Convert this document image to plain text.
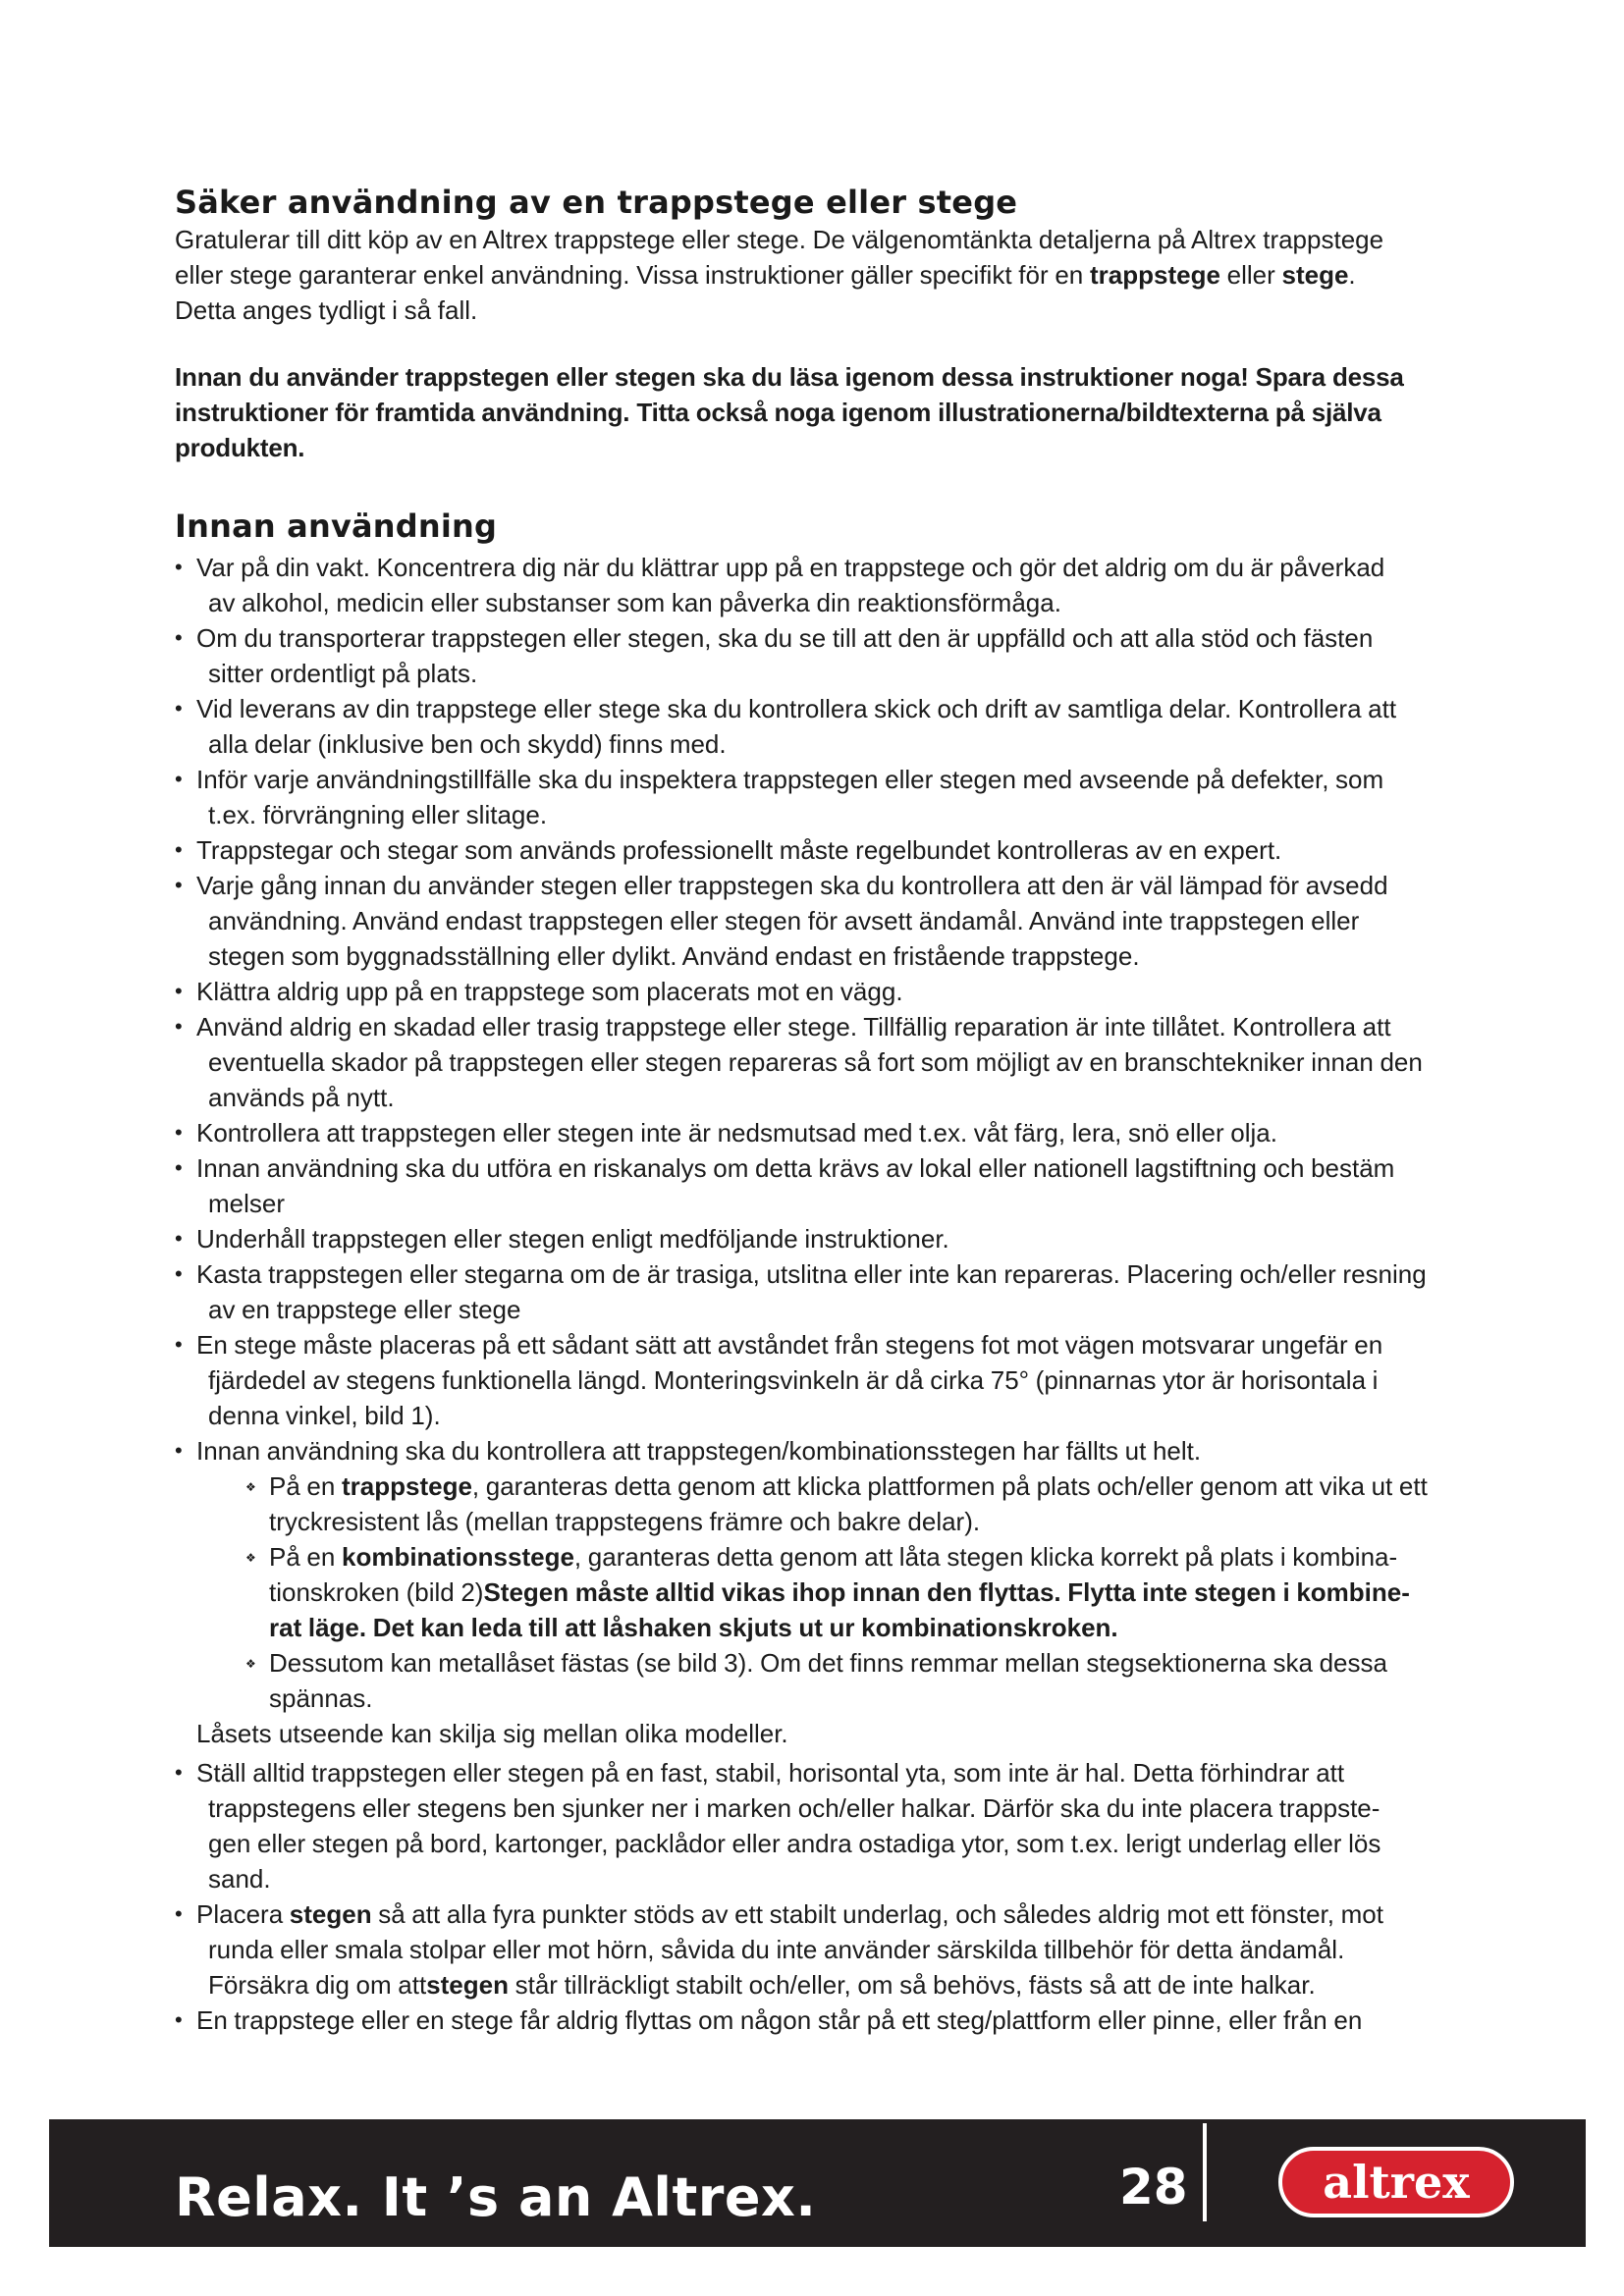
Säker användning av en trappstege eller stege

Gratulerar till ditt köp av en Altrex trappstege eller stege. De välgenomtänkta detaljerna på Altrex trappstege

eller stege garanterar enkel användning. Vissa instruktioner gäller specifikt för en trappstege eller stege.

Detta anges tydligt i så fall.

Innan du använder trappstegen eller stegen ska du läsa igenom dessa instruktioner noga! Spara dessa instruktioner för framtida användning. Titta också noga igenom illustrationerna/bildtexterna på själva produkten.

Innan användning
• Var på din vakt. Koncentrera dig när du klättrar upp på en trappstege och gör det aldrig om du är påverkad
av alkohol, medicin eller substanser som kan påverka din reaktionsförmåga.
• Om du transporterar trappstegen eller stegen, ska du se till att den är uppfälld och att alla stöd och fästen
sitter ordentligt på plats.
• Vid leverans av din trappstege eller stege ska du kontrollera skick och drift av samtliga delar. Kontrollera att
alla delar (inklusive ben och skydd) finns med.
• Inför varje användningstillfälle ska du inspektera trappstegen eller stegen med avseende på defekter, som
t.ex. förvrängning eller slitage.
• Trappstegar och stegar som används professionellt måste regelbundet kontrolleras av en expert.
• Varje gång innan du använder stegen eller trappstegen ska du kontrollera att den är väl lämpad för avsedd
användning. Använd endast trappstegen eller stegen för avsett ändamål. Använd inte trappstegen eller
stegen som byggnadsställning eller dylikt. Använd endast en fristående trappstege.
• Klättra aldrig upp på en trappstege som placerats mot en vägg.
• Använd aldrig en skadad eller trasig trappstege eller stege. Tillfällig reparation är inte tillåtet. Kontrollera att
eventuella skador på trappstegen eller stegen repareras så fort som möjligt av en branschtekniker innan den
används på nytt.
• Kontrollera att trappstegen eller stegen inte är nedsmutsad med t.ex. våt färg, lera, snö eller olja.
• Innan användning ska du utföra en riskanalys om detta krävs av lokal eller nationell lagstiftning och bestäm
melser
• Underhåll trappstegen eller stegen enligt medföljande instruktioner.
• Kasta trappstegen eller stegarna om de är trasiga, utslitna eller inte kan repareras. Placering och/eller resning
av en trappstege eller stege
• En stege måste placeras på ett sådant sätt att avståndet från stegens fot mot vägen motsvarar ungefär en
fjärdedel av stegens funktionella längd. Monteringsvinkeln är då cirka 75° (pinnarnas ytor är horisontala i
denna vinkel, bild 1).
• Innan användning ska du kontrollera att trappstegen/kombinationsstegen har fällts ut helt.
❖ På en trappstege, garanteras detta genom att klicka plattformen på plats och/eller genom att vika ut ett
tryckresistent lås (mellan trappstegens främre och bakre delar).
❖ På en kombinationsstege, garanteras detta genom att låta stegen klicka korrekt på plats i kombina-
tionskroken (bild 2)Stegen måste alltid vikas ihop innan den flyttas. Flytta inte stegen i kombine-
rat läge. Det kan leda till att låshaken skjuts ut ur kombinationskroken.
❖ Dessutom kan metallåset fästas (se bild 3). Om det finns remmar mellan stegsektionerna ska dessa
spännas.
Låsets utseende kan skilja sig mellan olika modeller.
• Ställ alltid trappstegen eller stegen på en fast, stabil, horisontal yta, som inte är hal. Detta förhindrar att
trappstegens eller stegens ben sjunker ner i marken och/eller halkar. Därför ska du inte placera trappste-
gen eller stegen på bord, kartonger, packlådor eller andra ostadiga ytor, som t.ex. lerigt underlag eller lös
sand.
• Placera stegen så att alla fyra punkter stöds av ett stabilt underlag, och således aldrig mot ett fönster, mot
runda eller smala stolpar eller mot hörn, såvida du inte använder särskilda tillbehör för detta ändamål.
Försäkra dig om attstegen står tillräckligt stabilt och/eller, om så behövs, fästs så att de inte halkar.
• En trappstege eller en stege får aldrig flyttas om någon står på ett steg/plattform eller pinne, eller från en
Relax. It ’s an Altrex.	28	altrex
